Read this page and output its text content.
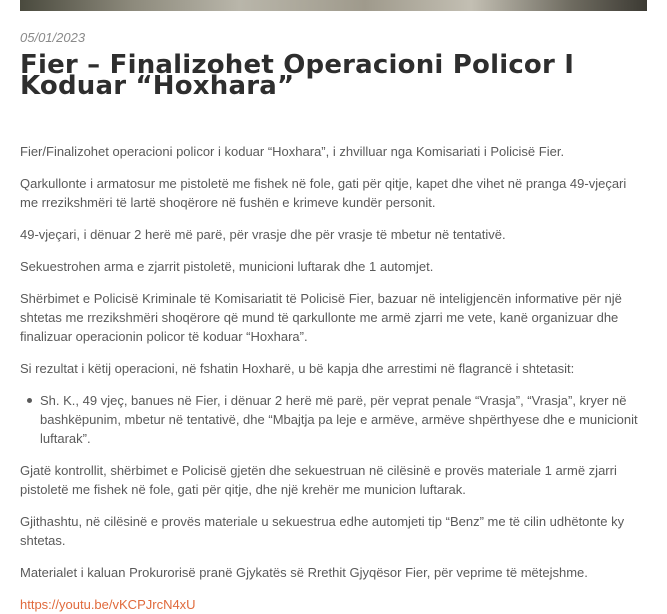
05/01/2023
Fier – Finalizohet Operacioni Policor I Koduar “Hoxhara”

Fier/Finalizohet operacioni policor i koduar “Hoxhara”, i zhvilluar nga Komisariati i Policisë Fier.

Qarkullonte i armatosur me pistoletë me fishek në fole, gati për qitje, kapet dhe vihet në pranga 49-vjeçari me rrezikshmëri të lartë shoqërore në fushën e krimeve kundër personit.

49-vjeçari, i dënuar 2 herë më parë, për vrasje dhe për vrasje të mbetur në tentativë.

Sekuestrohen arma e zjarrit pistoletë, municioni luftarak dhe 1 automjet.

Shërbimet e Policisë Kriminale të Komisariatit të Policisë Fier, bazuar në inteligjencën informative për një shtetas me rrezikshmëri shoqërore që mund të qarkullonte me armë zjarri me vete, kanë organizuar dhe finalizuar operacionin policor të koduar “Hoxhara”.

Si rezultat i këtij operacioni, në fshatin Hoxharë, u bë kapja dhe arrestimi në flagrancë i shtetasit:

Sh. K., 49 vjeç, banues në Fier, i dënuar 2 herë më parë, për veprat penale “Vrasja”, “Vrasja”, kryer në bashkëpunim, mbetur në tentativë, dhe “Mbajtja pa leje e armëve, armëve shpërthyese dhe e municionit luftarak”.

Gjatë kontrollit, shërbimet e Policisë gjetën dhe sekuestruan në cilësinë e provës materiale 1 armë zjarri pistoletë me fishek në fole, gati për qitje, dhe një krehër me municion luftarak.

Gjithashtu, në cilësinë e provës materiale u sekuestrua edhe automjeti tip “Benz” me të cilin udhëtonte ky shtetas.

Materialet i kaluan Prokurorisë pranë Gjykatës së Rrethit Gjyqësor Fier, për veprime të mëtejshme.

https://youtu.be/vKCPJrcN4xU
